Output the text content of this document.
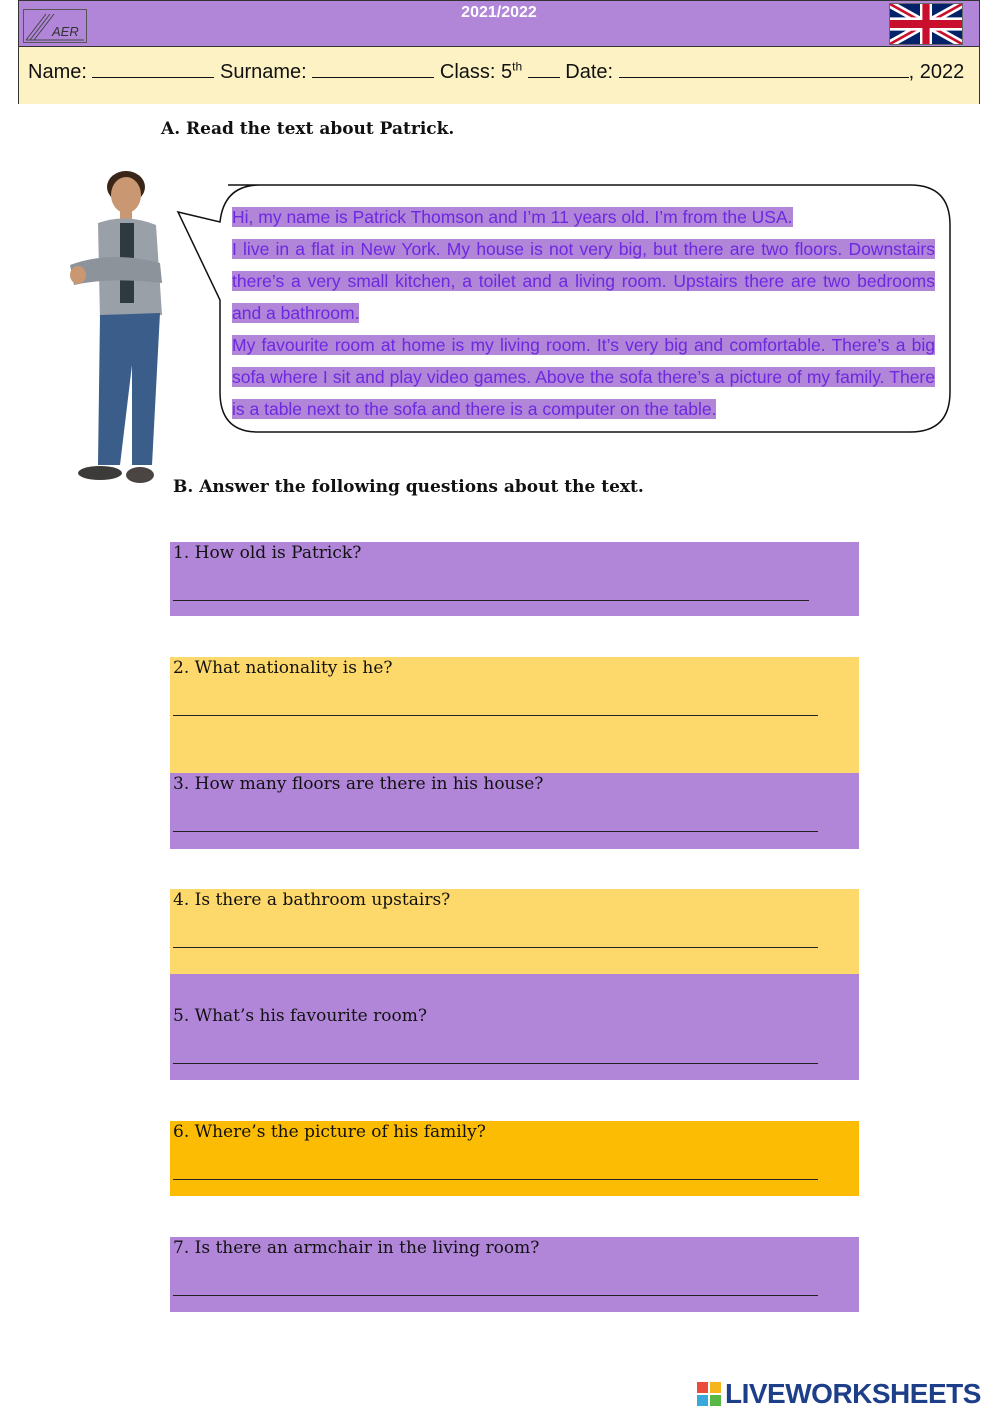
AER
2021/2022
Name:	Surname:	Class: 5th Date:	, 2022
A. Read the text about Patrick.

Hi, my name is Patrick Thomson and I’m 11 years old. I’m from the USA.

I live in a flat in New York. My house is not very big, but there are two floors. Downstairs there’s a very small kitchen, a toilet and a living room. Upstairs there are two bedrooms and a bathroom.

My favourite room at home is my living room. It’s very big and comfortable. There’s a big sofa where I sit and play video games. Above the sofa there’s a picture of my family. There is a table next to the sofa and there is a computer on the table.

B. Answer the following questions about the text.
1. How old is Patrick?
2. What nationality is he?
3. How many floors are there in his house?
4. Is there a bathroom upstairs?
5. What’s his favourite room?
6. Where’s the picture of his family?
7. Is there an armchair in the living room?
LIVEWORKSHEETS
